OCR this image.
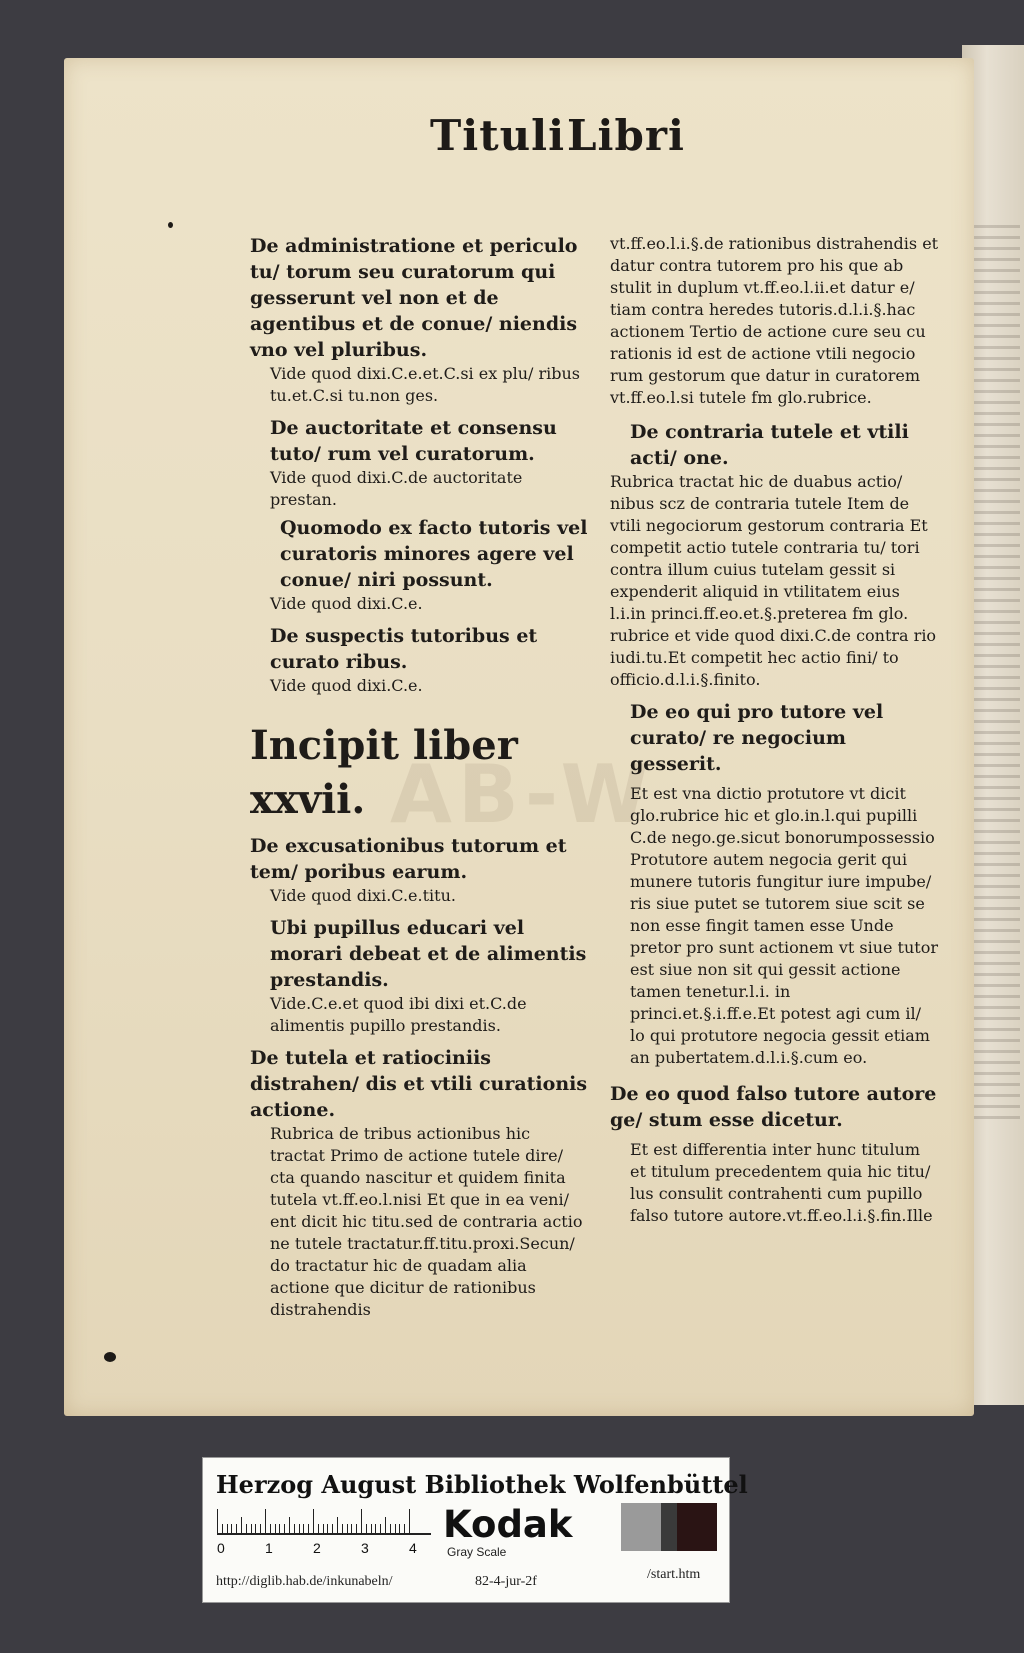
AB-W
Tituli Libri

De administratione et periculo tu/ torum seu curatorum qui gesserunt vel non et de agentibus et de conue/ niendis vno vel pluribus.

Vide quod dixi.C.e.et.C.si ex plu/ ribus tu.et.C.si tu.non ges.

De auctoritate et consensu tuto/ rum vel curatorum.

Vide quod dixi.C.de auctoritate prestan.

Quomodo ex facto tutoris vel curatoris minores agere vel conue/ niri possunt.

Vide quod dixi.C.e.

De suspectis tutoribus et curato ribus.

Vide quod dixi.C.e.

Incipit liber xxvii.

De excusationibus tutorum et tem/ poribus earum.

Vide quod dixi.C.e.titu.

Ubi pupillus educari vel morari debeat et de alimentis prestandis.

Vide.C.e.et quod ibi dixi et.C.de alimentis pupillo prestandis.

De tutela et ratiociniis distrahen/ dis et vtili curationis actione.

Rubrica de tribus actionibus hic tractat Primo de actione tutele dire/ cta quando nascitur et quidem finita tutela vt.ff.eo.l.nisi Et que in ea veni/ ent dicit hic titu.sed de contraria actio ne tutele tractatur.ff.titu.proxi.Secun/ do tractatur hic de quadam alia actione que dicitur de rationibus distrahendis

vt.ff.eo.l.i.§.de rationibus distrahendis et datur contra tutorem pro his que ab stulit in duplum vt.ff.eo.l.ii.et datur e/ tiam contra heredes tutoris.d.l.i.§.hac actionem Tertio de actione cure seu cu rationis id est de actione vtili negocio rum gestorum que datur in curatorem vt.ff.eo.l.si tutele fm glo.rubrice.

De contraria tutele et vtili acti/ one.

Rubrica tractat hic de duabus actio/ nibus scz de contraria tutele Item de vtili negociorum gestorum contraria Et competit actio tutele contraria tu/ tori contra illum cuius tutelam gessit si expenderit aliquid in vtilitatem eius l.i.in princi.ff.eo.et.§.preterea fm glo. rubrice et vide quod dixi.C.de contra rio iudi.tu.Et competit hec actio fini/ to officio.d.l.i.§.finito.

De eo qui pro tutore vel curato/ re negocium gesserit.

Et est vna dictio protutore vt dicit glo.rubrice hic et glo.in.l.qui pupilli C.de nego.ge.sicut bonorumpossessio Protutore autem negocia gerit qui munere tutoris fungitur iure impube/ ris siue putet se tutorem siue scit se non esse fingit tamen esse Unde pretor pro sunt actionem vt siue tutor est siue non sit qui gessit actione tamen tenetur.l.i. in princi.et.§.i.ff.e.Et potest agi cum il/ lo qui protutore negocia gessit etiam an pubertatem.d.l.i.§.cum eo.

De eo quod falso tutore autore ge/ stum esse dicetur.

Et est differentia inter hunc titulum et titulum precedentem quia hic titu/ lus consulit contrahenti cum pupillo falso tutore autore.vt.ff.eo.l.i.§.fin.Ille

Herzog August Bibliothek Wolfenbüttel
0	1	2	3	4
Kodak
Gray Scale
http://diglib.hab.de/inkunabeln/	82-4-jur-2f	/start.htm
